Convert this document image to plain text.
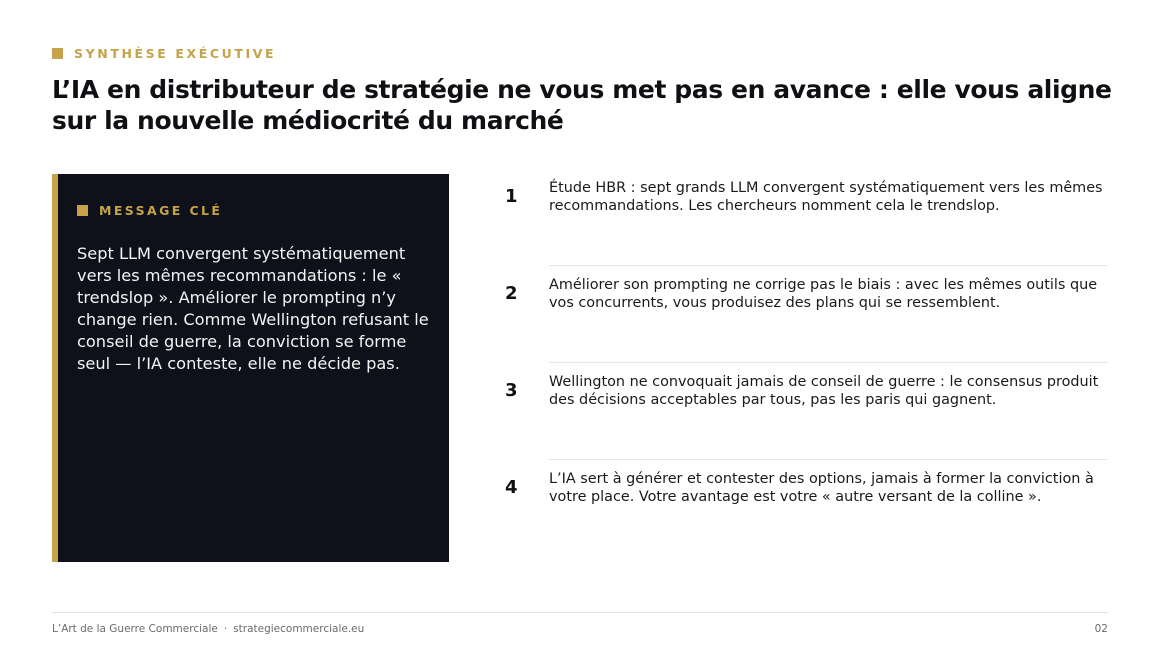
SYNTHÈSE EXÉCUTIVE
L’IA en distributeur de stratégie ne vous met pas en avance : elle vous aligne sur la nouvelle médiocrité du marché
MESSAGE CLÉ

Sept LLM convergent systématiquement vers les mêmes recommandations : le « trendslop ». Améliorer le prompting n’y change rien. Comme Wellington refusant le conseil de guerre, la conviction se forme seul — l’IA conteste, elle ne décide pas.

1 Étude HBR : sept grands LLM convergent systématiquement vers les mêmes recommandations. Les chercheurs nomment cela le trendslop.

2 Améliorer son prompting ne corrige pas le biais : avec les mêmes outils que vos concurrents, vous produisez des plans qui se ressemblent.

3 Wellington ne convoquait jamais de conseil de guerre : le consensus produit des décisions acceptables par tous, pas les paris qui gagnent.

4 L’IA sert à générer et contester des options, jamais à former la conviction à votre place. Votre avantage est votre « autre versant de la colline ».

L’Art de la Guerre Commerciale · strategiecommerciale.eu	02
